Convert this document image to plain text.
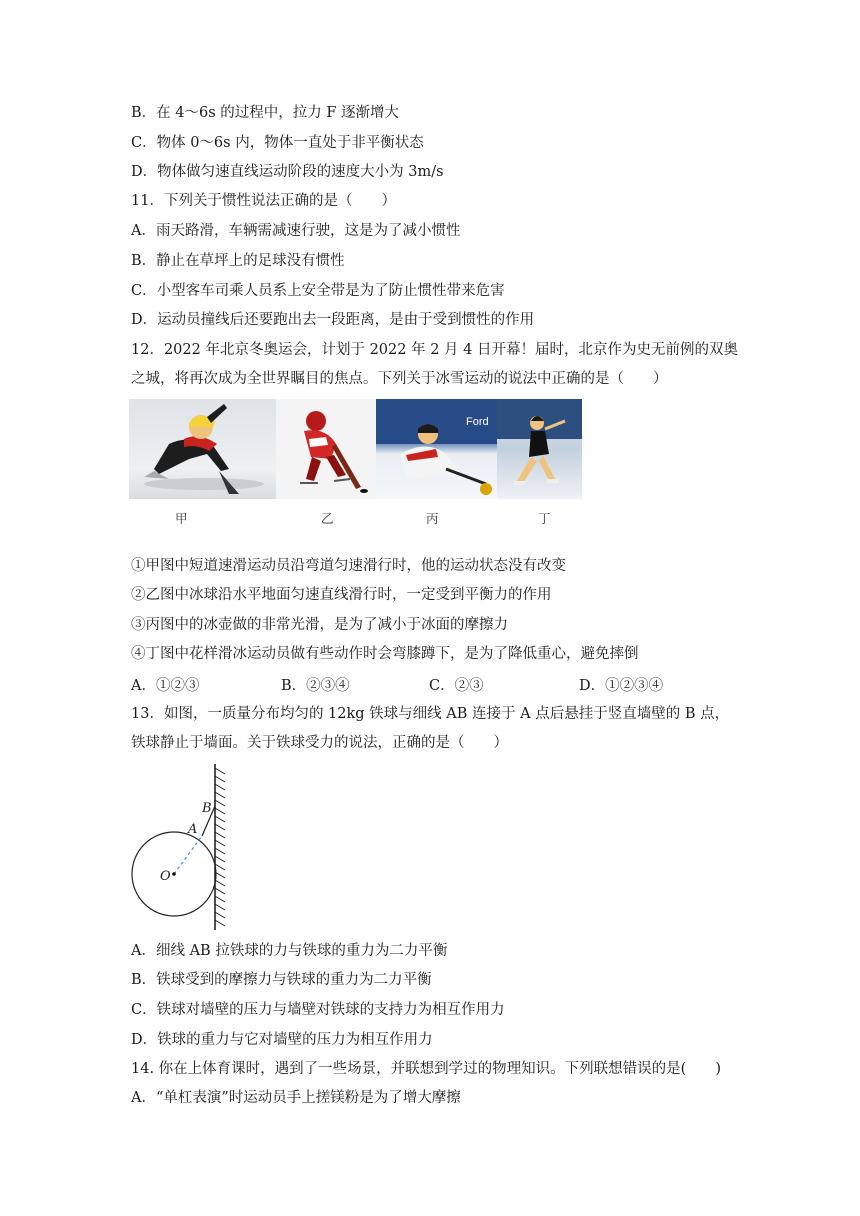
B．在 4～6s 的过程中，拉力 F 逐渐增大
C．物体 0～6s 内，物体一直处于非平衡状态
D．物体做匀速直线运动阶段的速度大小为 3m/s
11．下列关于惯性说法正确的是（　　）
A．雨天路滑，车辆需减速行驶，这是为了减小惯性
B．静止在草坪上的足球没有惯性
C．小型客车司乘人员系上安全带是为了防止惯性带来危害
D．运动员撞线后还要跑出去一段距离，是由于受到惯性的作用
12．2022 年北京冬奥运会，计划于 2022 年 2 月 4 日开幕！届时，北京作为史无前例的双奥
之城，将再次成为全世界瞩目的焦点。下列关于冰雪运动的说法中正确的是（　　）
Ford
甲	乙	丙	丁
①甲图中短道速滑运动员沿弯道匀速滑行时，他的运动状态没有改变
②乙图中冰球沿水平地面匀速直线滑行时，一定受到平衡力的作用
③丙图中的冰壶做的非常光滑，是为了减小于冰面的摩擦力
④丁图中花样滑冰运动员做有些动作时会弯膝蹲下，是为了降低重心，避免摔倒
A．①②③	B．②③④	C．②③	D．①②③④
13．如图，一质量分布均匀的 12kg 铁球与细线 AB 连接于 A 点后悬挂于竖直墙壁的 B 点，
铁球静止于墙面。关于铁球受力的说法，正确的是（　　）
B
A
O
A．细线 AB 拉铁球的力与铁球的重力为二力平衡
B．铁球受到的摩擦力与铁球的重力为二力平衡
C．铁球对墙壁的压力与墙壁对铁球的支持力为相互作用力
D．铁球的重力与它对墙壁的压力为相互作用力
14. 你在上体育课时，遇到了一些场景，并联想到学过的物理知识。下列联想错误的是(　　)
A．“单杠表演”时运动员手上搓镁粉是为了增大摩擦
